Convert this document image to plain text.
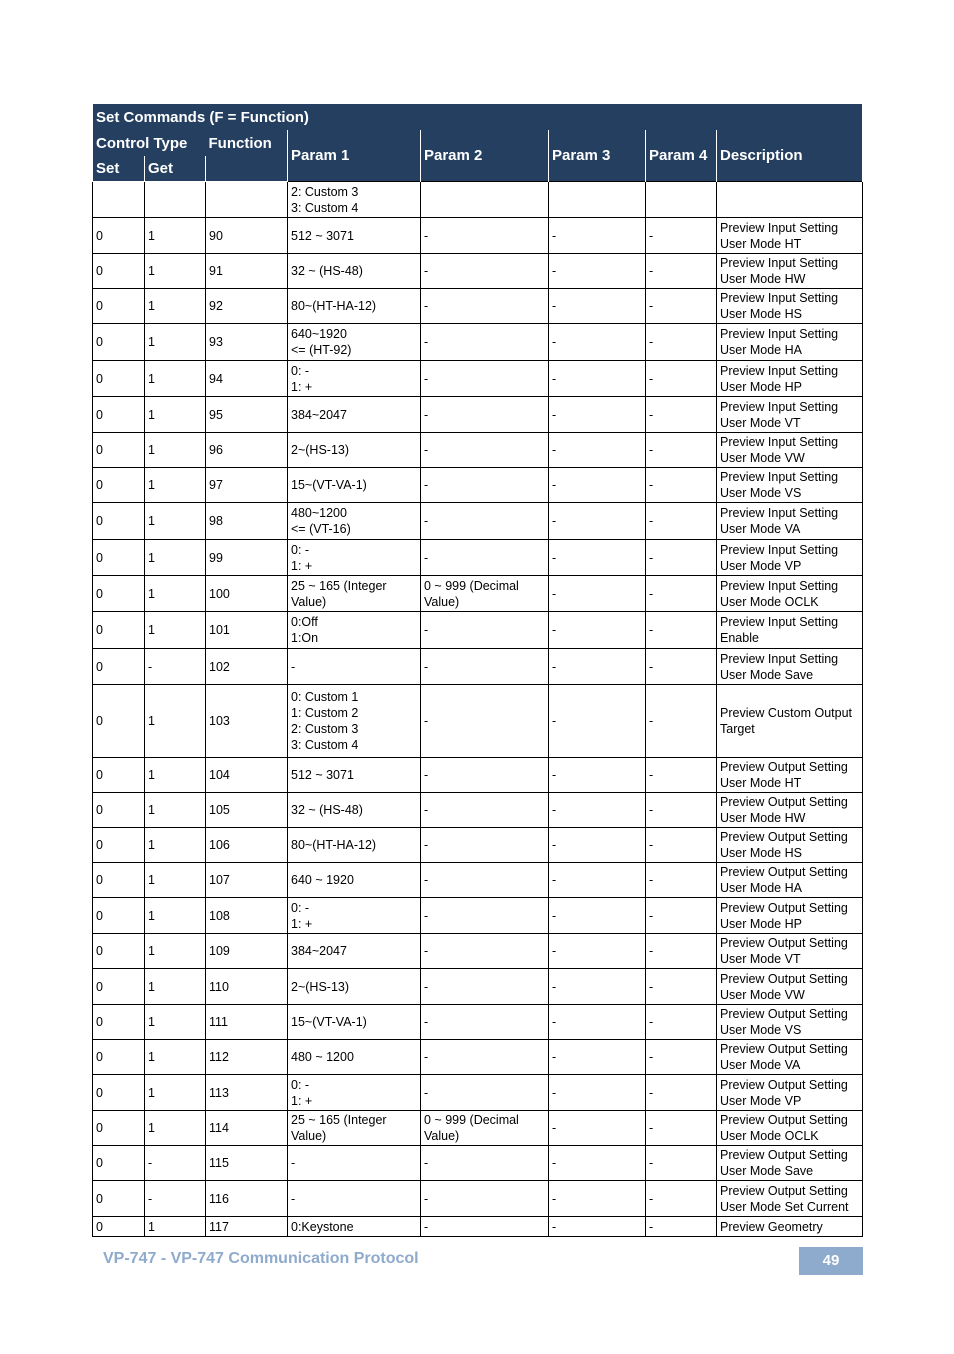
Set Commands (F = Function)							
Control Type		Function	Param 1	Param 2	Param 3	Param 4	Description
Set	Get						

			2: Custom 3
3: Custom 4				

0	1	90	512 ~ 3071	-	-	-	Preview Input Setting
User Mode HT

0	1	91	32 ~ (HS-48)	-	-	-	Preview Input Setting
User Mode HW

0	1	92	80~(HT-HA-12)	-	-	-	Preview Input Setting
User Mode HS

0	1	93	640~1920
<= (HT-92)	-	-	-	Preview Input Setting
User Mode HA

0	1	94	0: -
1: +	-	-	-	Preview Input Setting
User Mode HP

0	1	95	384~2047	-	-	-	Preview Input Setting
User Mode VT

0	1	96	2~(HS-13)	-	-	-	Preview Input Setting
User Mode VW

0	1	97	15~(VT-VA-1)	-	-	-	Preview Input Setting
User Mode VS

0	1	98	480~1200
<= (VT-16)	-	-	-	Preview Input Setting
User Mode VA

0	1	99	0: -
1: +	-	-	-	Preview Input Setting
User Mode VP

0	1	100	25 ~ 165 (Integer
Value)	0 ~ 999 (Decimal Value)	-	-	Preview Input Setting
User Mode OCLK

0	1	101	0:Off
1:On	-	-	-	Preview Input Setting
Enable

0	-	102	-	-	-	-	Preview Input Setting
User Mode Save

0	1	103	0: Custom 1
1: Custom 2
2: Custom 3
3: Custom 4	-	-	-	Preview Custom Output
Target

0	1	104	512 ~ 3071	-	-	-	Preview Output Setting
User Mode HT

0	1	105	32 ~ (HS-48)	-	-	-	Preview Output Setting
User Mode HW

0	1	106	80~(HT-HA-12)	-	-	-	Preview Output Setting
User Mode HS

0	1	107	640 ~ 1920	-	-	-	Preview Output Setting
User Mode HA

0	1	108	0: -
1: +	-	-	-	Preview Output Setting
User Mode HP

0	1	109	384~2047	-	-	-	Preview Output Setting
User Mode VT

0	1	110	2~(HS-13)	-	-	-	Preview Output Setting
User Mode VW

0	1	111	15~(VT-VA-1)	-	-	-	Preview Output Setting
User Mode VS

0	1	112	480 ~ 1200	-	-	-	Preview Output Setting
User Mode VA

0	1	113	0: -
1: +	-	-	-	Preview Output Setting
User Mode VP

0	1	114	25 ~ 165 (Integer
Value)	0 ~ 999 (Decimal Value)	-	-	Preview Output Setting
User Mode OCLK

0	-	115	-	-	-	-	Preview Output Setting
User Mode Save

0	-	116	-	-	-	-	Preview Output Setting
User Mode Set Current

0	1	117	0:Keystone	-	-	-	Preview Geometry
VP-747 - VP-747 Communication Protocol	49
